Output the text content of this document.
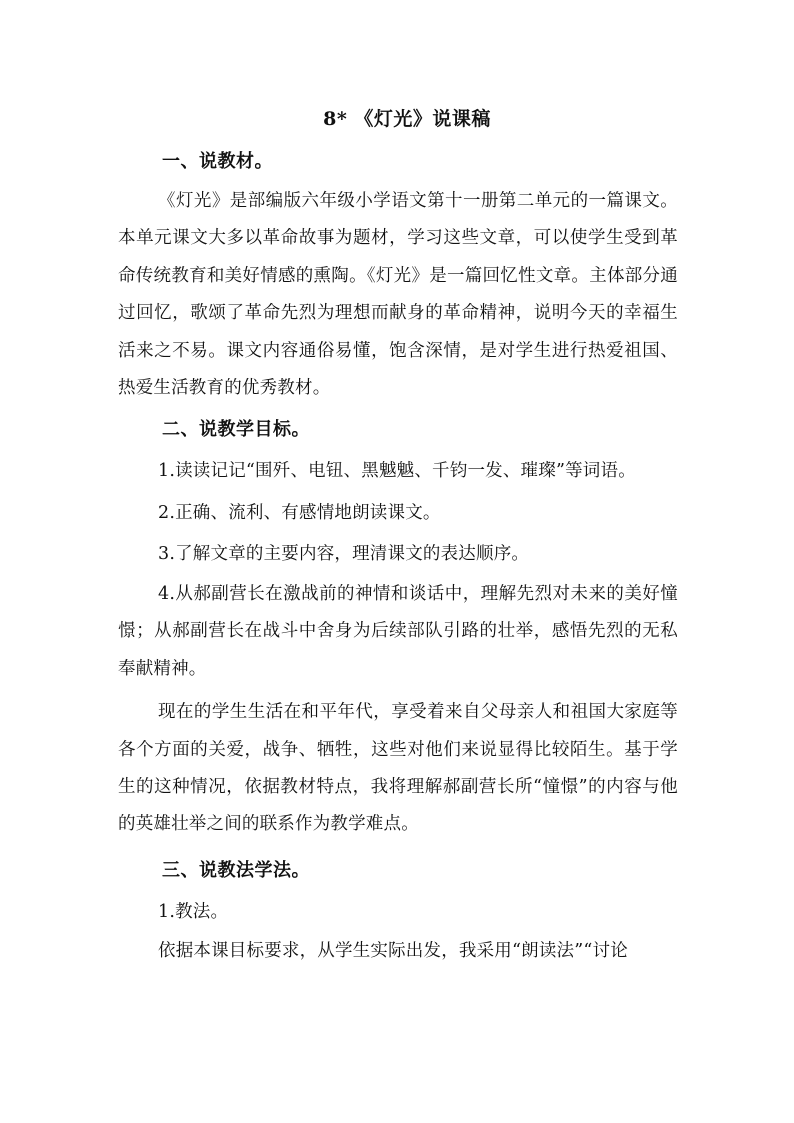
8* 《灯光》说课稿
一、说教材。

《灯光》是部编版六年级小学语文第十一册第二单元的一篇课文。本单元课文大多以革命故事为题材，学习这些文章，可以使学生受到革命传统教育和美好情感的熏陶。《灯光》是一篇回忆性文章。主体部分通过回忆，歌颂了革命先烈为理想而献身的革命精神，说明今天的幸福生活来之不易。课文内容通俗易懂，饱含深情，是对学生进行热爱祖国、热爱生活教育的优秀教材。

二、说教学目标。

1.读读记记“围歼、电钮、黑魆魆、千钧一发、璀璨”等词语。

2.正确、流利、有感情地朗读课文。

3.了解文章的主要内容，理清课文的表达顺序。

4.从郝副营长在激战前的神情和谈话中，理解先烈对未来的美好憧憬；从郝副营长在战斗中舍身为后续部队引路的壮举，感悟先烈的无私奉献精神。

现在的学生生活在和平年代，享受着来自父母亲人和祖国大家庭等各个方面的关爱，战争、牺牲，这些对他们来说显得比较陌生。基于学生的这种情况，依据教材特点，我将理解郝副营长所“憧憬”的内容与他的英雄壮举之间的联系作为教学难点。

三、说教法学法。

1.教法。

依据本课目标要求，从学生实际出发，我采用“朗读法”“讨论
